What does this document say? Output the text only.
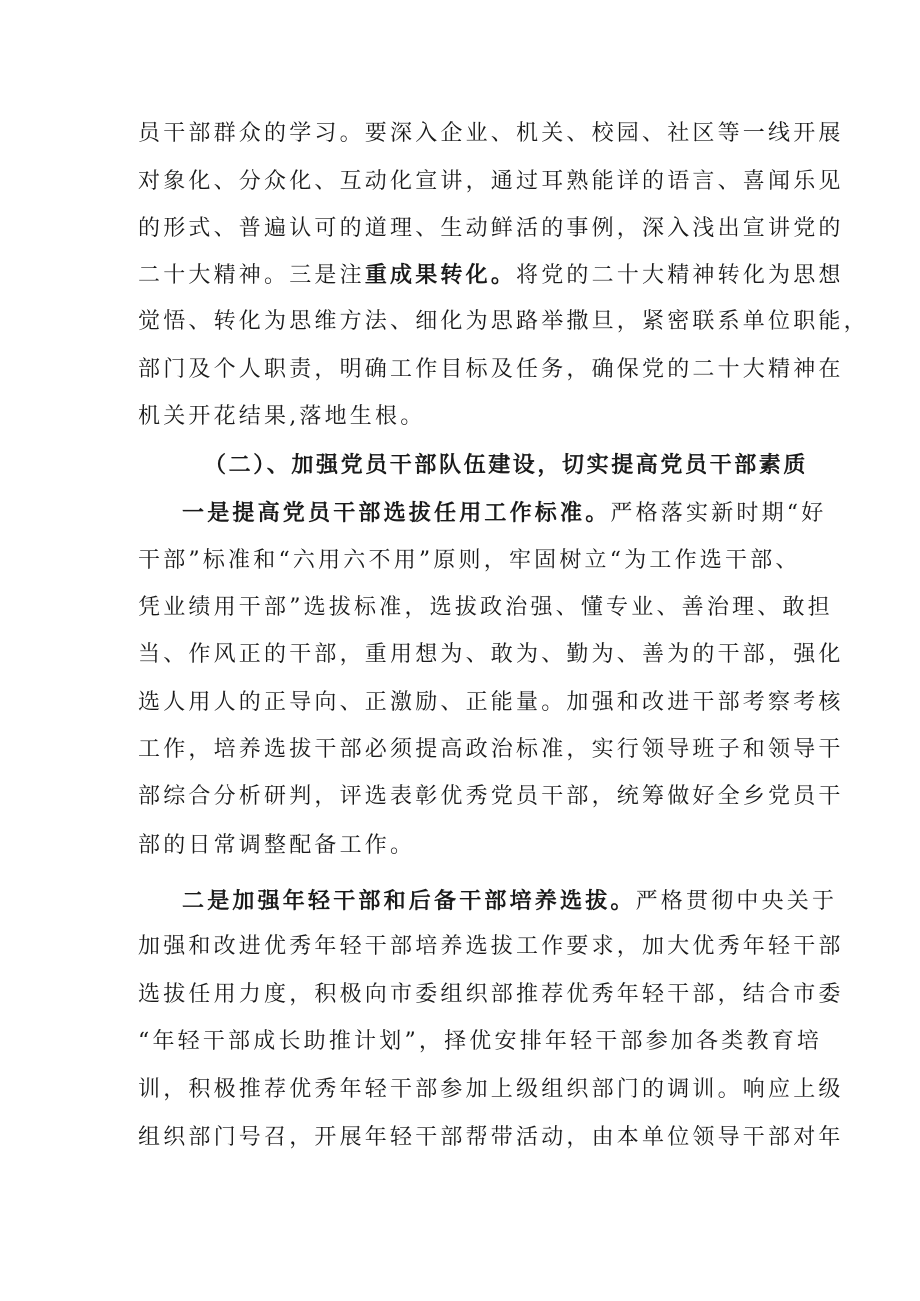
员干部群众的学习。要深入企业、机关、校园、社区等一线开展
对象化、分众化、互动化宣讲，通过耳熟能详的语言、喜闻乐见
的形式、普遍认可的道理、生动鲜活的事例，深入浅出宣讲党的
二十大精神。三是注重成果转化。将党的二十大精神转化为思想
觉悟、转化为思维方法、细化为思路举撒旦，紧密联系单位职能，
部门及个人职责，明确工作目标及任务，确保党的二十大精神在
机关开花结果,落地生根。
（二）、加强党员干部队伍建设，切实提高党员干部素质
一是提高党员干部选拔任用工作标准。严格落实新时期“好
干部”标准和“六用六不用”原则，牢固树立“为工作选干部、
凭业绩用干部”选拔标准，选拔政治强、懂专业、善治理、敢担
当、作风正的干部，重用想为、敢为、勤为、善为的干部，强化
选人用人的正导向、正激励、正能量。加强和改进干部考察考核
工作，培养选拔干部必须提高政治标准，实行领导班子和领导干
部综合分析研判，评选表彰优秀党员干部，统筹做好全乡党员干
部的日常调整配备工作。
二是加强年轻干部和后备干部培养选拔。严格贯彻中央关于
加强和改进优秀年轻干部培养选拔工作要求，加大优秀年轻干部
选拔任用力度，积极向市委组织部推荐优秀年轻干部，结合市委
“年轻干部成长助推计划”，择优安排年轻干部参加各类教育培
训，积极推荐优秀年轻干部参加上级组织部门的调训。响应上级
组织部门号召，开展年轻干部帮带活动，由本单位领导干部对年
